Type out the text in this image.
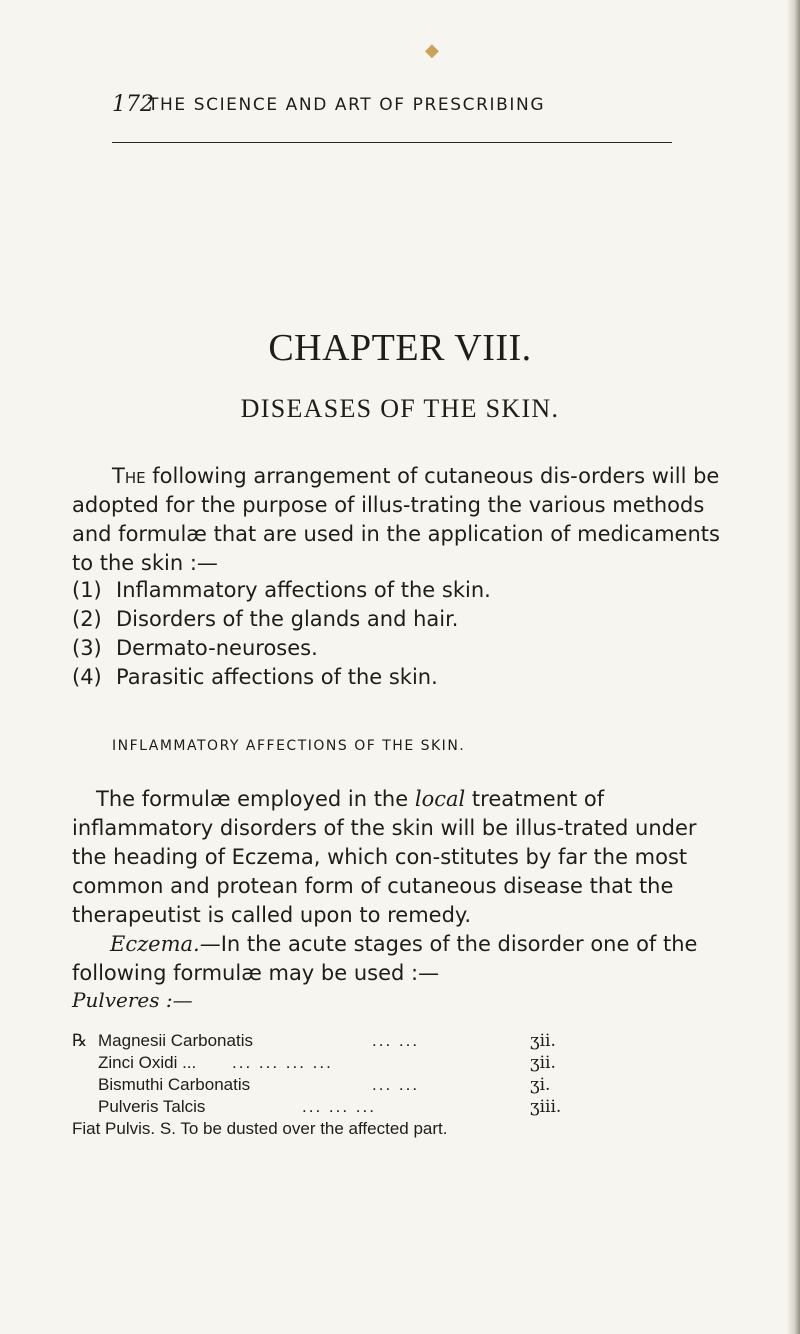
◆
172
THE SCIENCE AND ART OF PRESCRIBING
CHAPTER VIII.
DISEASES OF THE SKIN.
The following arrangement of cutaneous dis-orders will be adopted for the purpose of illus-trating the various methods and formulæ that are used in the application of medicaments to the skin :—
(1) Inflammatory affections of the skin.
(2) Disorders of the glands and hair.
(3) Dermato-neuroses.
(4) Parasitic affections of the skin.
INFLAMMATORY AFFECTIONS OF THE SKIN.
The formulæ employed in the local treatment of inflammatory disorders of the skin will be illus-trated under the heading of Eczema, which con-stitutes by far the most common and protean form of cutaneous disease that the therapeutist is called upon to remedy.
Eczema.—In the acute stages of the disorder one of the following formulæ may be used :—
Pulveres :—
℞ Magnesii Carbonatis	... ...	ʒii.
Zinci Oxidi ... ... ... ... ...	ʒii.
Bismuthi Carbonatis	... ...	ʒi.
Pulveris Talcis	... ... ...	ʒiii.
Fiat Pulvis. S. To be dusted over the affected part.
